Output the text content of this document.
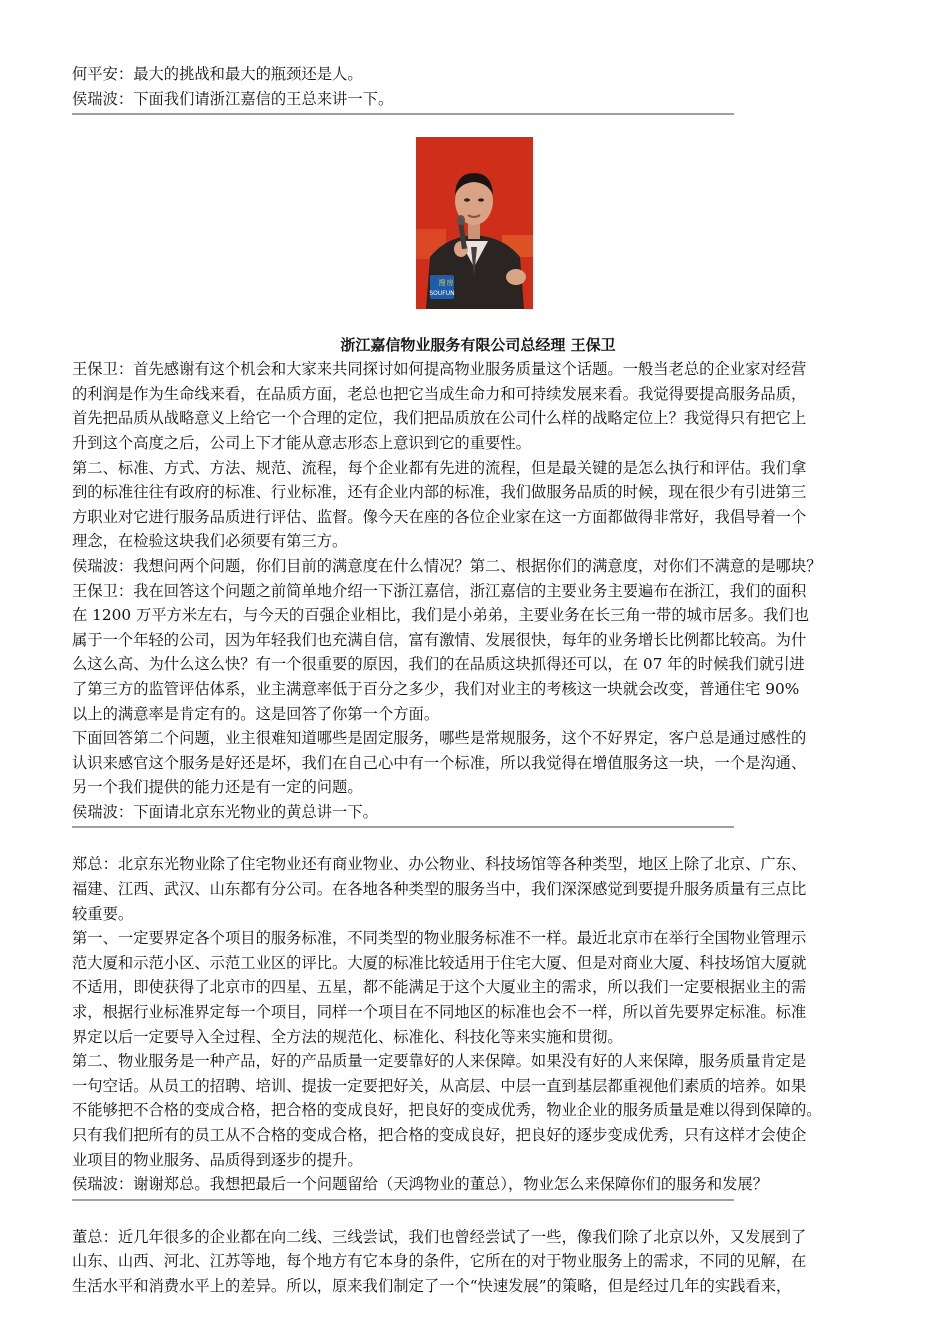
何平安：最大的挑战和最大的瓶颈还是人。

侯瑞波：下面我们请浙江嘉信的王总来讲一下。

搜 房
SOUFUN

浙江嘉信物业服务有限公司总经理 王保卫

王保卫：首先感谢有这个机会和大家来共同探讨如何提高物业服务质量这个话题。一般当老总的企业家对经营

的利润是作为生命线来看，在品质方面，老总也把它当成生命力和可持续发展来看。我觉得要提高服务品质，

首先把品质从战略意义上给它一个合理的定位，我们把品质放在公司什么样的战略定位上？我觉得只有把它上

升到这个高度之后，公司上下才能从意志形态上意识到它的重要性。

第二、标准、方式、方法、规范、流程，每个企业都有先进的流程，但是最关键的是怎么执行和评估。我们拿

到的标准往往有政府的标准、行业标准，还有企业内部的标准，我们做服务品质的时候，现在很少有引进第三

方职业对它进行服务品质进行评估、监督。像今天在座的各位企业家在这一方面都做得非常好，我倡导着一个

理念，在检验这块我们必须要有第三方。

侯瑞波：我想问两个问题，你们目前的满意度在什么情况？第二、根据你们的满意度，对你们不满意的是哪块？

王保卫：我在回答这个问题之前简单地介绍一下浙江嘉信，浙江嘉信的主要业务主要遍布在浙江，我们的面积

在 1200 万平方米左右，与今天的百强企业相比，我们是小弟弟，主要业务在长三角一带的城市居多。我们也

属于一个年轻的公司，因为年轻我们也充满自信，富有激情、发展很快，每年的业务增长比例都比较高。为什

么这么高、为什么这么快？有一个很重要的原因，我们的在品质这块抓得还可以，在 07 年的时候我们就引进

了第三方的监管评估体系，业主满意率低于百分之多少，我们对业主的考核这一块就会改变，普通住宅 90%

以上的满意率是肯定有的。这是回答了你第一个方面。

下面回答第二个问题，业主很难知道哪些是固定服务，哪些是常规服务，这个不好界定，客户总是通过感性的

认识来感官这个服务是好还是坏，我们在自己心中有一个标准，所以我觉得在增值服务这一块，一个是沟通、

另一个我们提供的能力还是有一定的问题。

侯瑞波：下面请北京东光物业的黄总讲一下。

郑总：北京东光物业除了住宅物业还有商业物业、办公物业、科技场馆等各种类型，地区上除了北京、广东、

福建、江西、武汉、山东都有分公司。在各地各种类型的服务当中，我们深深感觉到要提升服务质量有三点比

较重要。

第一、一定要界定各个项目的服务标准，不同类型的物业服务标准不一样。最近北京市在举行全国物业管理示

范大厦和示范小区、示范工业区的评比。大厦的标准比较适用于住宅大厦、但是对商业大厦、科技场馆大厦就

不适用，即使获得了北京市的四星、五星，都不能满足于这个大厦业主的需求，所以我们一定要根据业主的需

求，根据行业标准界定每一个项目，同样一个项目在不同地区的标准也会不一样，所以首先要界定标准。标准

界定以后一定要导入全过程、全方法的规范化、标准化、科技化等来实施和贯彻。

第二、物业服务是一种产品，好的产品质量一定要靠好的人来保障。如果没有好的人来保障，服务质量肯定是

一句空话。从员工的招聘、培训、提拔一定要把好关，从高层、中层一直到基层都重视他们素质的培养。如果

不能够把不合格的变成合格，把合格的变成良好，把良好的变成优秀，物业企业的服务质量是难以得到保障的。

只有我们把所有的员工从不合格的变成合格，把合格的变成良好，把良好的逐步变成优秀，只有这样才会使企

业项目的物业服务、品质得到逐步的提升。

侯瑞波：谢谢郑总。我想把最后一个问题留给（天鸿物业的董总），物业怎么来保障你们的服务和发展？

董总：近几年很多的企业都在向二线、三线尝试，我们也曾经尝试了一些，像我们除了北京以外，又发展到了

山东、山西、河北、江苏等地，每个地方有它本身的条件，它所在的对于物业服务上的需求，不同的见解，在

生活水平和消费水平上的差异。所以，原来我们制定了一个“快速发展”的策略，但是经过几年的实践看来，
